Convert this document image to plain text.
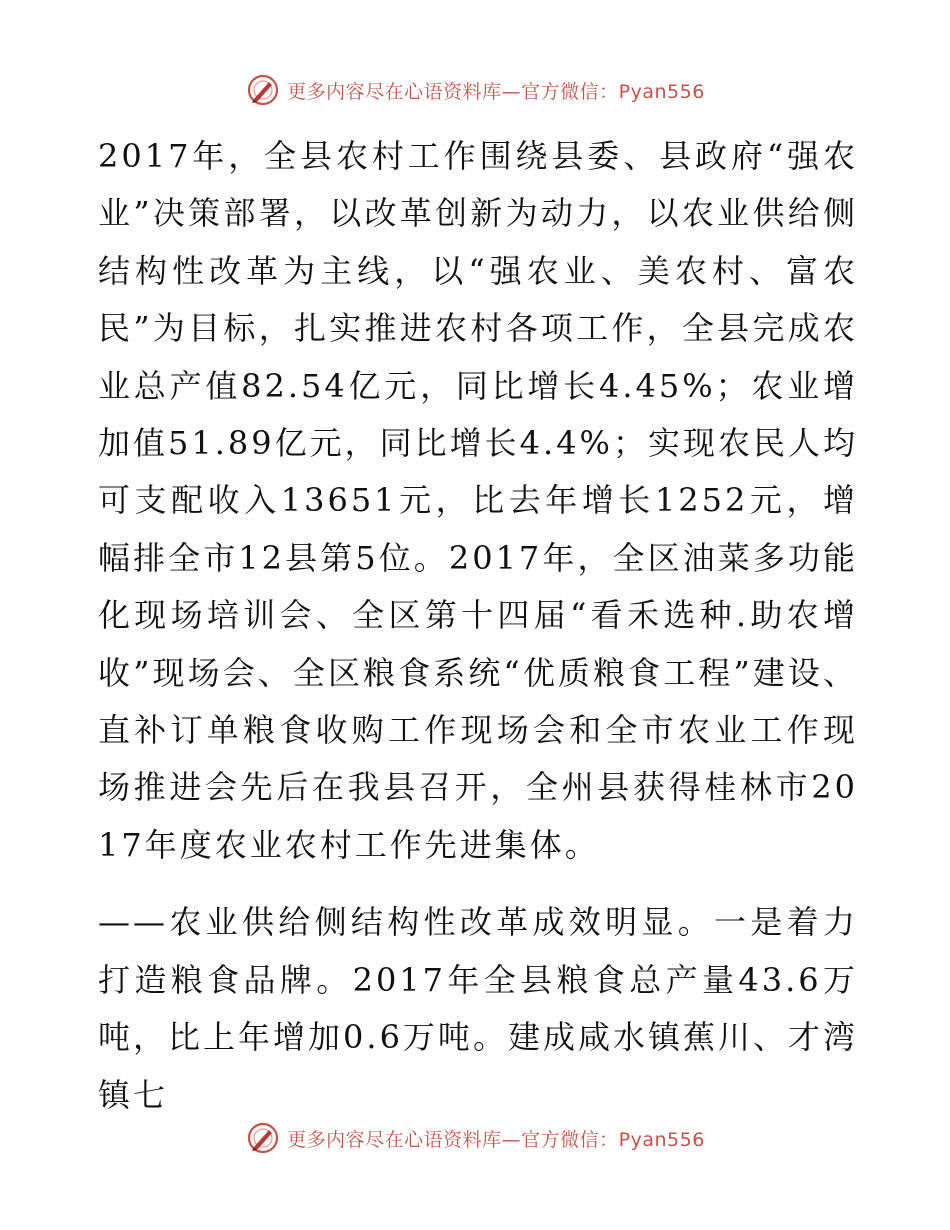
更多内容尽在心语资料库—官方微信：Pyan556

2017年，全县农村工作围绕县委、县政府“强农业”决策部署，以改革创新为动力，以农业供给侧结构性改革为主线，以“强农业、美农村、富农民”为目标，扎实推进农村各项工作，全县完成农业总产值82.54亿元，同比增长4.45%；农业增加值51.89亿元，同比增长4.4%；实现农民人均可支配收入13651元，比去年增长1252元，增幅排全市12县第5位。2017年，全区油菜多功能化现场培训会、全区第十四届“看禾选种.助农增收”现场会、全区粮食系统“优质粮食工程”建设、直补订单粮食收购工作现场会和全市农业工作现场推进会先后在我县召开，全州县获得桂林市2017年度农业农村工作先进集体。

——农业供给侧结构性改革成效明显。一是着力打造粮食品牌。2017年全县粮食总产量43.6万吨，比上年增加0.6万吨。建成咸水镇蕉川、才湾镇七

更多内容尽在心语资料库—官方微信：Pyan556
